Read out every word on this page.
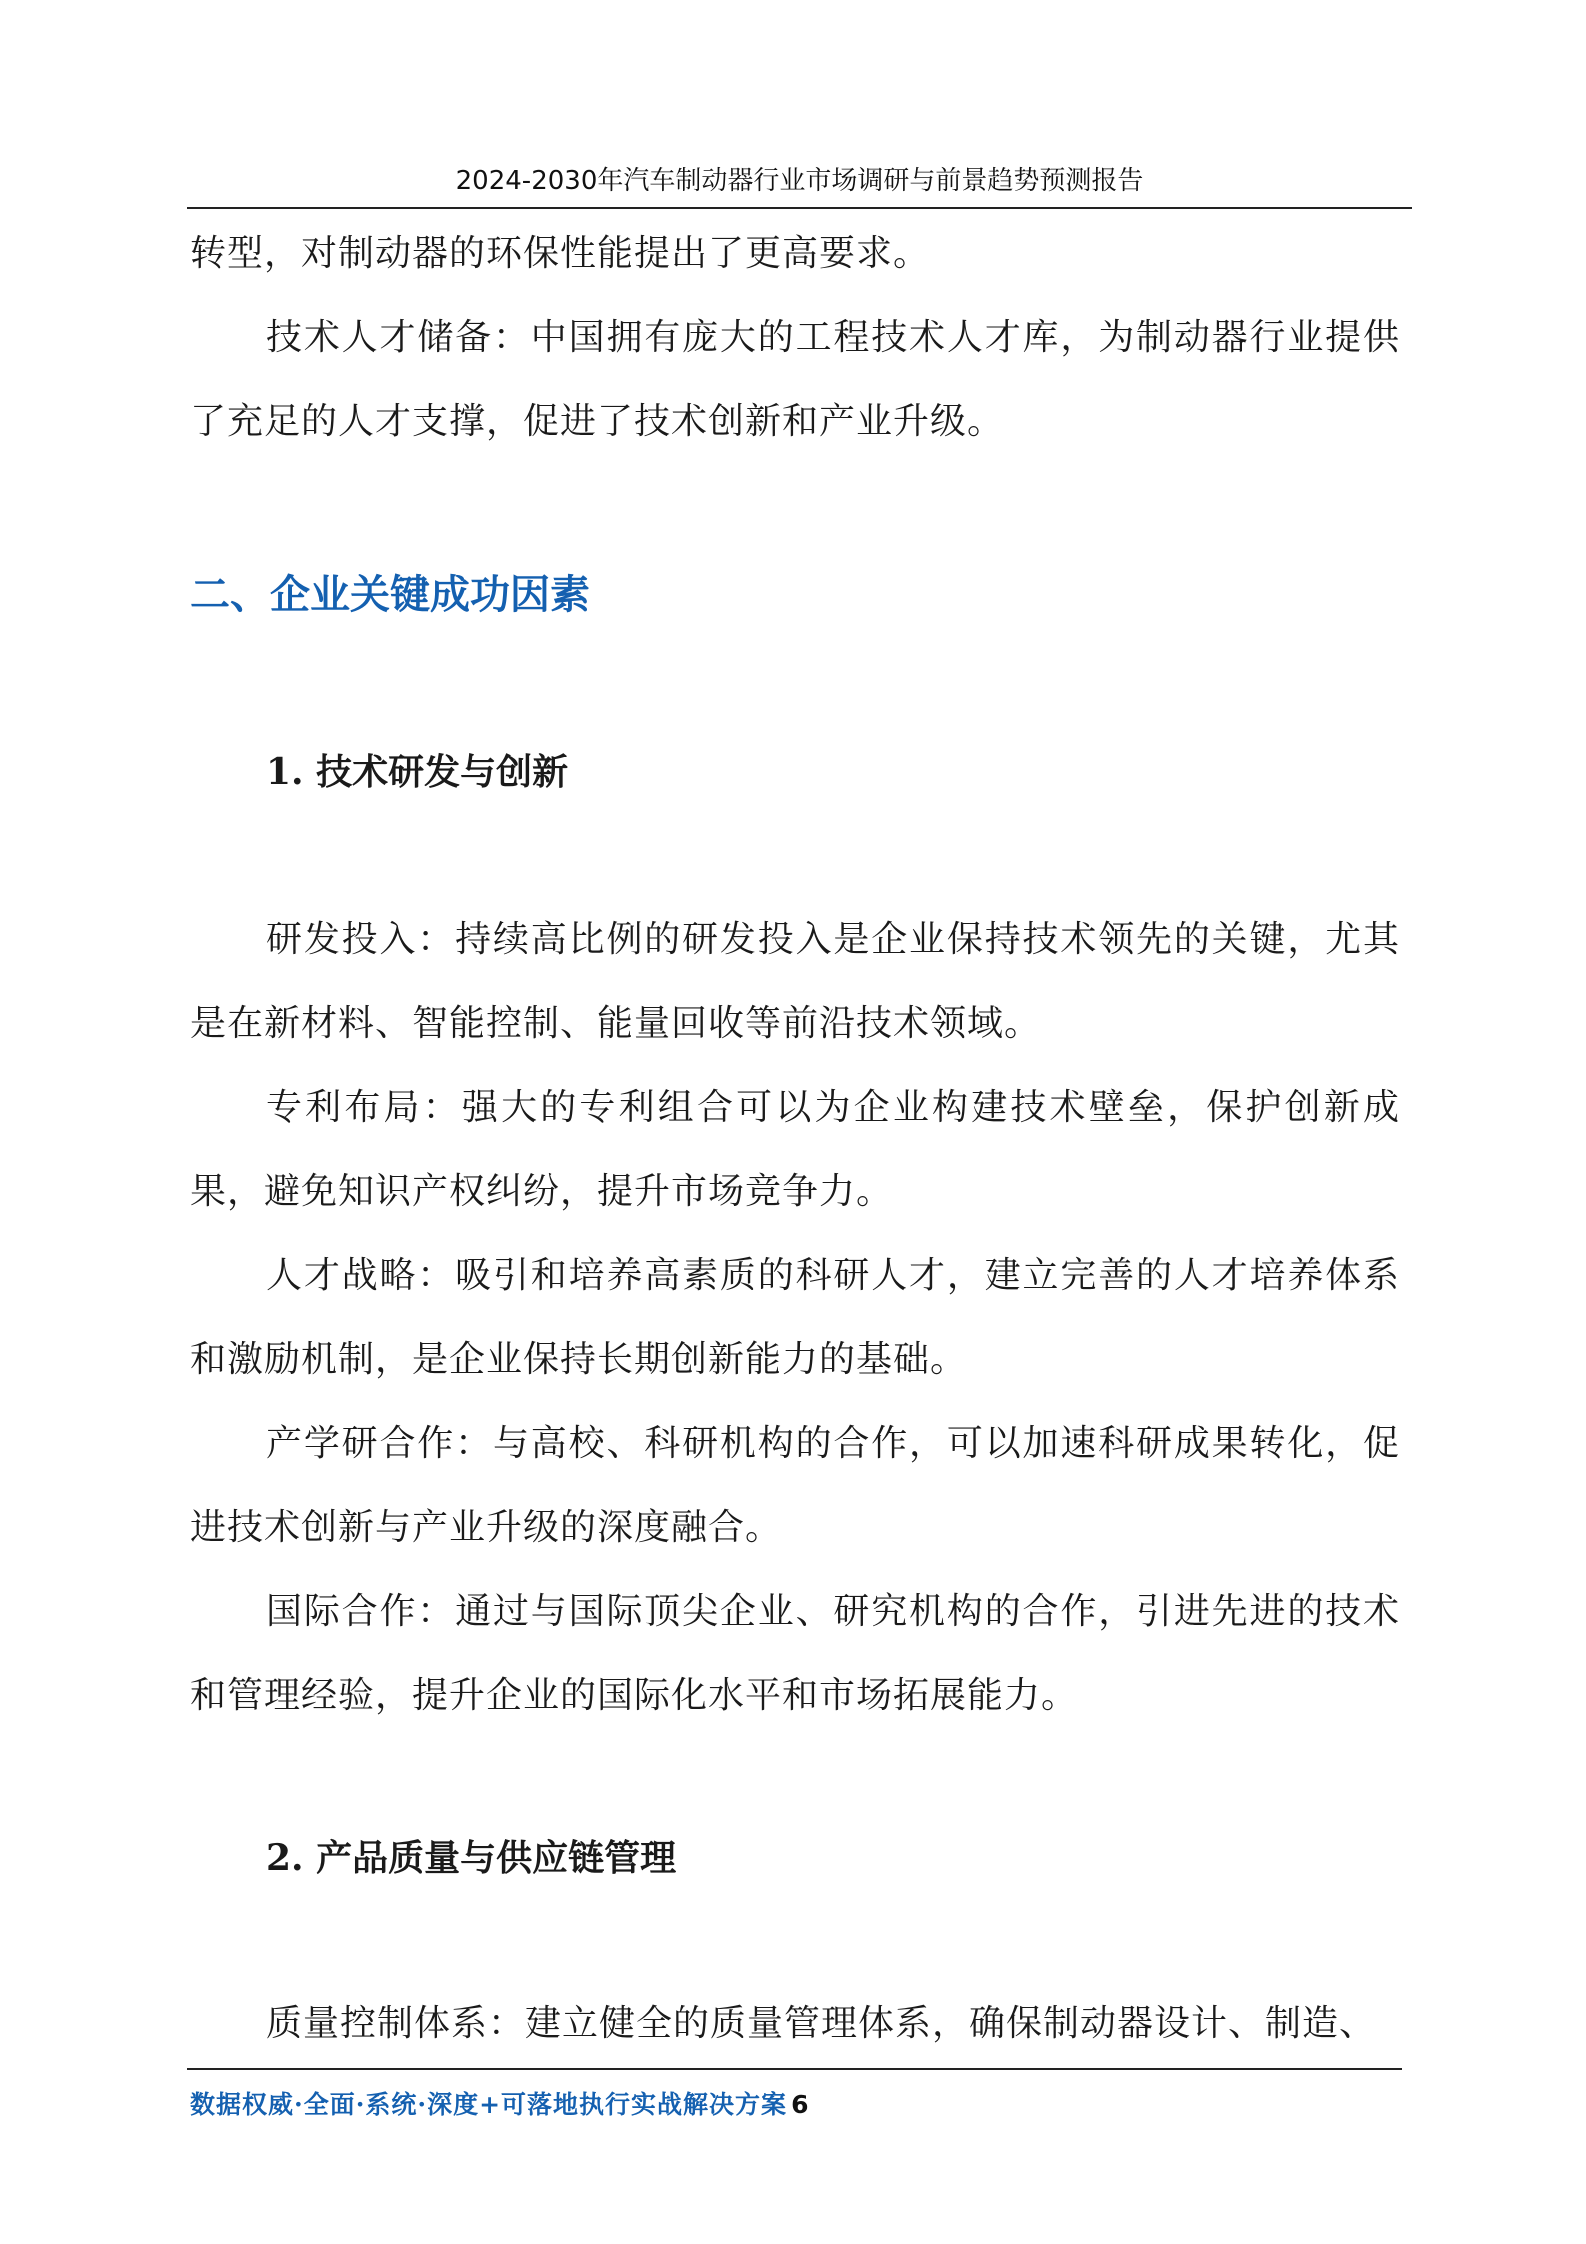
2024-2030年汽车制动器行业市场调研与前景趋势预测报告

转型，对制动器的环保性能提出了更高要求。

技术人才储备：中国拥有庞大的工程技术人才库，为制动器行业提供了充足的人才支撑，促进了技术创新和产业升级。

二、企业关键成功因素
1. 技术研发与创新

研发投入：持续高比例的研发投入是企业保持技术领先的关键，尤其是在新材料、智能控制、能量回收等前沿技术领域。

专利布局：强大的专利组合可以为企业构建技术壁垒，保护创新成果，避免知识产权纠纷，提升市场竞争力。

人才战略：吸引和培养高素质的科研人才，建立完善的人才培养体系和激励机制，是企业保持长期创新能力的基础。

产学研合作：与高校、科研机构的合作，可以加速科研成果转化，促进技术创新与产业升级的深度融合。

国际合作：通过与国际顶尖企业、研究机构的合作，引进先进的技术和管理经验，提升企业的国际化水平和市场拓展能力。

2. 产品质量与供应链管理

质量控制体系：建立健全的质量管理体系，确保制动器设计、制造、

数据权威·全面·系统·深度+可落地执行实战解决方案 6
